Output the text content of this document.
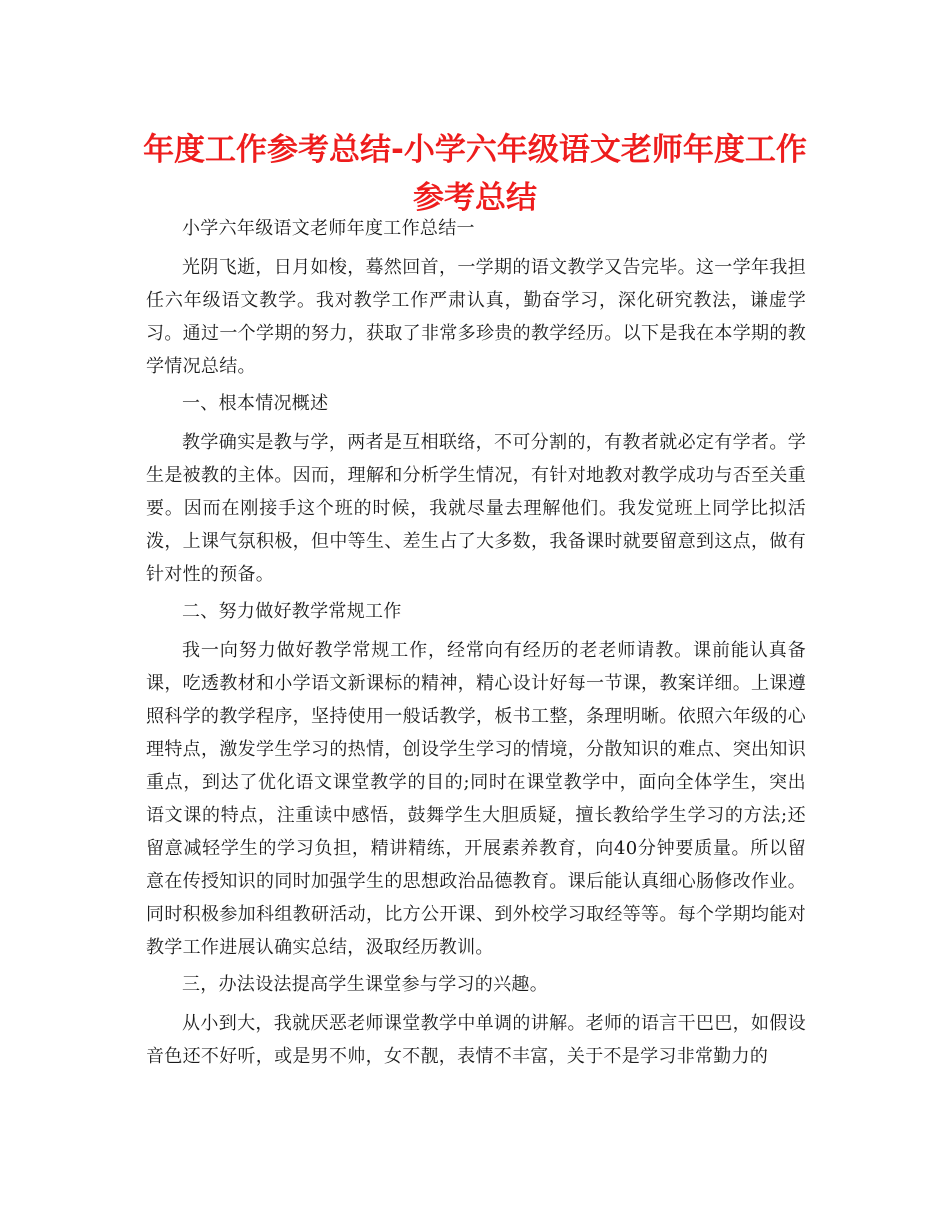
年度工作参考总结-小学六年级语文老师年度工作参考总结

小学六年级语文老师年度工作总结一

光阴飞逝，日月如梭，蓦然回首，一学期的语文教学又告完毕。这一学年我担任六年级语文教学。我对教学工作严肃认真，勤奋学习，深化研究教法，谦虚学习。通过一个学期的努力，获取了非常多珍贵的教学经历。以下是我在本学期的教学情况总结。

一、根本情况概述

教学确实是教与学，两者是互相联络，不可分割的，有教者就必定有学者。学生是被教的主体。因而，理解和分析学生情况，有针对地教对教学成功与否至关重要。因而在刚接手这个班的时候，我就尽量去理解他们。我发觉班上同学比拟活泼，上课气氛积极，但中等生、差生占了大多数，我备课时就要留意到这点，做有针对性的预备。

二、努力做好教学常规工作

我一向努力做好教学常规工作，经常向有经历的老老师请教。课前能认真备课，吃透教材和小学语文新课标的精神，精心设计好每一节课，教案详细。上课遵照科学的教学程序，坚持使用一般话教学，板书工整，条理明晰。依照六年级的心理特点，激发学生学习的热情，创设学生学习的情境，分散知识的难点、突出知识重点，到达了优化语文课堂教学的目的;同时在课堂教学中，面向全体学生，突出语文课的特点，注重读中感悟，鼓舞学生大胆质疑，擅长教给学生学习的方法;还留意减轻学生的学习负担，精讲精练，开展素养教育，向40分钟要质量。所以留意在传授知识的同时加强学生的思想政治品德教育。课后能认真细心肠修改作业。同时积极参加科组教研活动，比方公开课、到外校学习取经等等。每个学期均能对教学工作进展认确实总结，汲取经历教训。

三，办法设法提高学生课堂参与学习的兴趣。

从小到大，我就厌恶老师课堂教学中单调的讲解。老师的语言干巴巴，如假设音色还不好听，或是男不帅，女不靓，表情不丰富，关于不是学习非常勤力的
